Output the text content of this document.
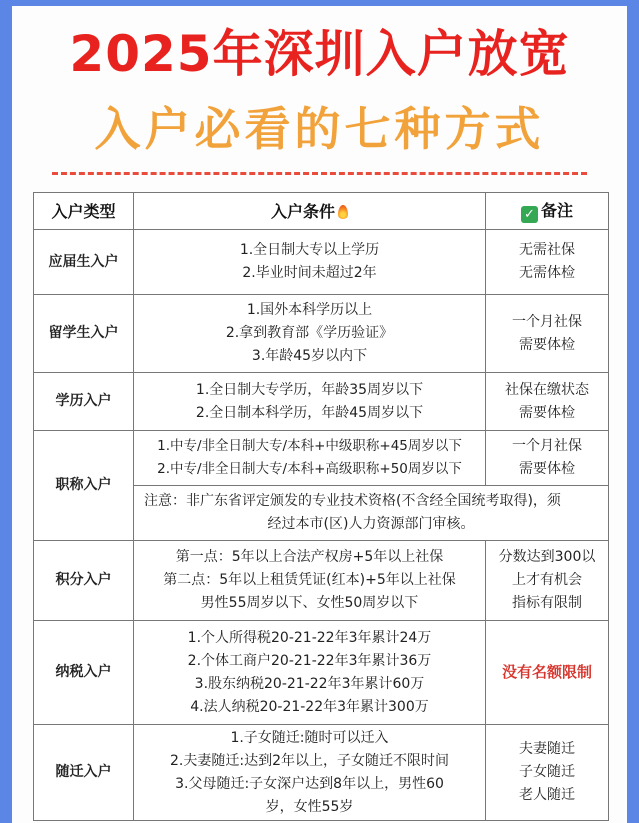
2025年深圳入户放宽
入户必看的七种方式
入户类型	入户条件	✓ 备注
应届生入户	1.全日制大专以上学历
2.毕业时间未超过2年	无需社保
无需体检

留学生入户	1.国外本科学历以上
2.拿到教育部《学历验证》
3.年龄45岁以内下	一个月社保
需要体检

学历入户	1.全日制大专学历，年龄35周岁以下
2.全日制本科学历，年龄45周岁以下	社保在缴状态
需要体检

职称入户	1.中专/非全日制大专/本科+中级职称+45周岁以下
2.中专/非全日制大专/本科+高级职称+50周岁以下	一个月社保
需要体检

	注意：非广东省评定颁发的专业技术资格(不含经全国统考取得)，须
经过本市(区)人力资源部门审核。	

积分入户	第一点：5年以上合法产权房+5年以上社保
第二点：5年以上租赁凭证(红本)+5年以上社保
男性55周岁以下、女性50周岁以下	分数达到300以
上才有机会
指标有限制

纳税入户	1.个人所得税20-21-22年3年累计24万
2.个体工商户20-21-22年3年累计36万
3.股东纳税20-21-22年3年累计60万
4.法人纳税20-21-22年3年累计300万	没有名额限制

随迁入户	1.子女随迁:随时可以迁入
2.夫妻随迁:达到2年以上，子女随迁不限时间
3.父母随迁:子女深户达到8年以上，男性60
岁，女性55岁	夫妻随迁
子女随迁
老人随迁
